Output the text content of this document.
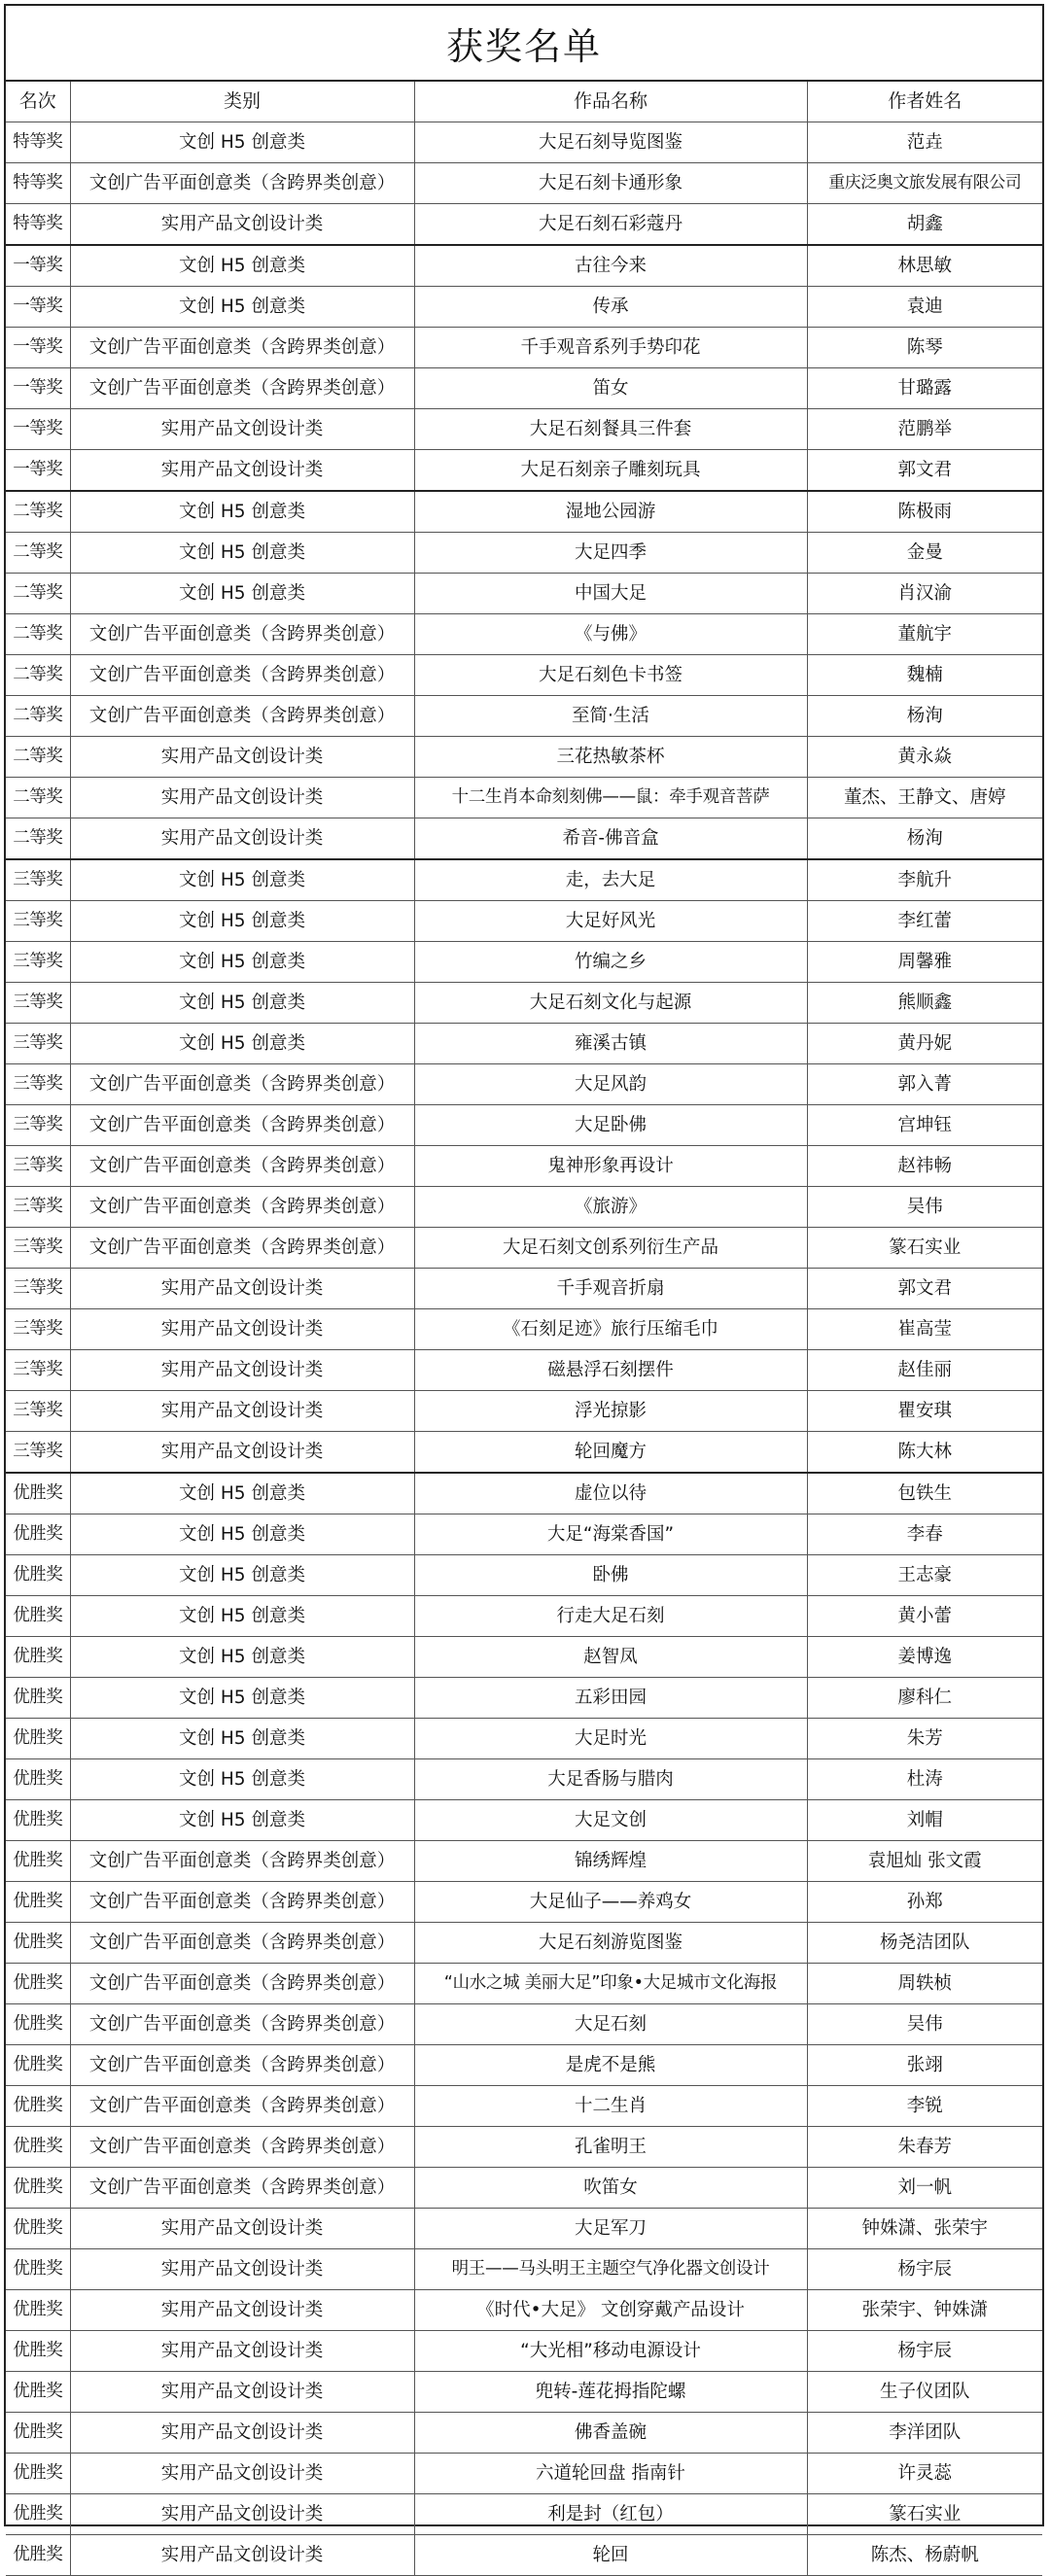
获奖名单
名次	类别	作品名称	作者姓名
特等奖	文创 H5 创意类	大足石刻导览图鉴	范垚
特等奖	文创广告平面创意类（含跨界类创意）	大足石刻卡通形象	重庆泛奥文旅发展有限公司
特等奖	实用产品文创设计类	大足石刻石彩蔻丹	胡鑫
一等奖	文创 H5 创意类	古往今来	林思敏
一等奖	文创 H5 创意类	传承	袁迪
一等奖	文创广告平面创意类（含跨界类创意）	千手观音系列手势印花	陈琴
一等奖	文创广告平面创意类（含跨界类创意）	笛女	甘璐露
一等奖	实用产品文创设计类	大足石刻餐具三件套	范鹏举
一等奖	实用产品文创设计类	大足石刻亲子雕刻玩具	郭文君
二等奖	文创 H5 创意类	湿地公园游	陈极雨
二等奖	文创 H5 创意类	大足四季	金曼
二等奖	文创 H5 创意类	中国大足	肖汉渝
二等奖	文创广告平面创意类（含跨界类创意）	《与佛》	董航宇
二等奖	文创广告平面创意类（含跨界类创意）	大足石刻色卡书签	魏楠
二等奖	文创广告平面创意类（含跨界类创意）	至简·生活	杨洵
二等奖	实用产品文创设计类	三花热敏茶杯	黄永焱
二等奖	实用产品文创设计类	十二生肖本命刻刻佛——鼠：牵手观音菩萨	董杰、王静文、唐婷
二等奖	实用产品文创设计类	希音-佛音盒	杨洵
三等奖	文创 H5 创意类	走，去大足	李航升
三等奖	文创 H5 创意类	大足好风光	李红蕾
三等奖	文创 H5 创意类	竹编之乡	周馨雅
三等奖	文创 H5 创意类	大足石刻文化与起源	熊顺鑫
三等奖	文创 H5 创意类	雍溪古镇	黄丹妮
三等奖	文创广告平面创意类（含跨界类创意）	大足风韵	郭入菁
三等奖	文创广告平面创意类（含跨界类创意）	大足卧佛	宫坤钰
三等奖	文创广告平面创意类（含跨界类创意）	鬼神形象再设计	赵祎畅
三等奖	文创广告平面创意类（含跨界类创意）	《旅游》	吴伟
三等奖	文创广告平面创意类（含跨界类创意）	大足石刻文创系列衍生产品	篆石实业
三等奖	实用产品文创设计类	千手观音折扇	郭文君
三等奖	实用产品文创设计类	《石刻足迹》旅行压缩毛巾	崔高莹
三等奖	实用产品文创设计类	磁悬浮石刻摆件	赵佳丽
三等奖	实用产品文创设计类	浮光掠影	瞿安琪
三等奖	实用产品文创设计类	轮回魔方	陈大林
优胜奖	文创 H5 创意类	虚位以待	包铁生
优胜奖	文创 H5 创意类	大足“海棠香国”	李春
优胜奖	文创 H5 创意类	卧佛	王志豪
优胜奖	文创 H5 创意类	行走大足石刻	黄小蕾
优胜奖	文创 H5 创意类	赵智凤	姜博逸
优胜奖	文创 H5 创意类	五彩田园	廖科仁
优胜奖	文创 H5 创意类	大足时光	朱芳
优胜奖	文创 H5 创意类	大足香肠与腊肉	杜涛
优胜奖	文创 H5 创意类	大足文创	刘帽
优胜奖	文创广告平面创意类（含跨界类创意）	锦绣辉煌	袁旭灿 张文霞
优胜奖	文创广告平面创意类（含跨界类创意）	大足仙子——养鸡女	孙郑
优胜奖	文创广告平面创意类（含跨界类创意）	大足石刻游览图鉴	杨尧洁团队
优胜奖	文创广告平面创意类（含跨界类创意）	“山水之城 美丽大足”印象•大足城市文化海报	周轶桢
优胜奖	文创广告平面创意类（含跨界类创意）	大足石刻	吴伟
优胜奖	文创广告平面创意类（含跨界类创意）	是虎不是熊	张翊
优胜奖	文创广告平面创意类（含跨界类创意）	十二生肖	李锐
优胜奖	文创广告平面创意类（含跨界类创意）	孔雀明王	朱春芳
优胜奖	文创广告平面创意类（含跨界类创意）	吹笛女	刘一帆
优胜奖	实用产品文创设计类	大足军刀	钟姝潇、张荣宇
优胜奖	实用产品文创设计类	明王——马头明王主题空气净化器文创设计	杨宇辰
优胜奖	实用产品文创设计类	《时代•大足》 文创穿戴产品设计	张荣宇、钟姝潇
优胜奖	实用产品文创设计类	“大光相”移动电源设计	杨宇辰
优胜奖	实用产品文创设计类	兜转-莲花拇指陀螺	生子仪团队
优胜奖	实用产品文创设计类	佛香盖碗	李洋团队
优胜奖	实用产品文创设计类	六道轮回盘 指南针	许灵蕊
优胜奖	实用产品文创设计类	利是封（红包）	篆石实业
优胜奖	实用产品文创设计类	轮回	陈杰、杨蔚帆
